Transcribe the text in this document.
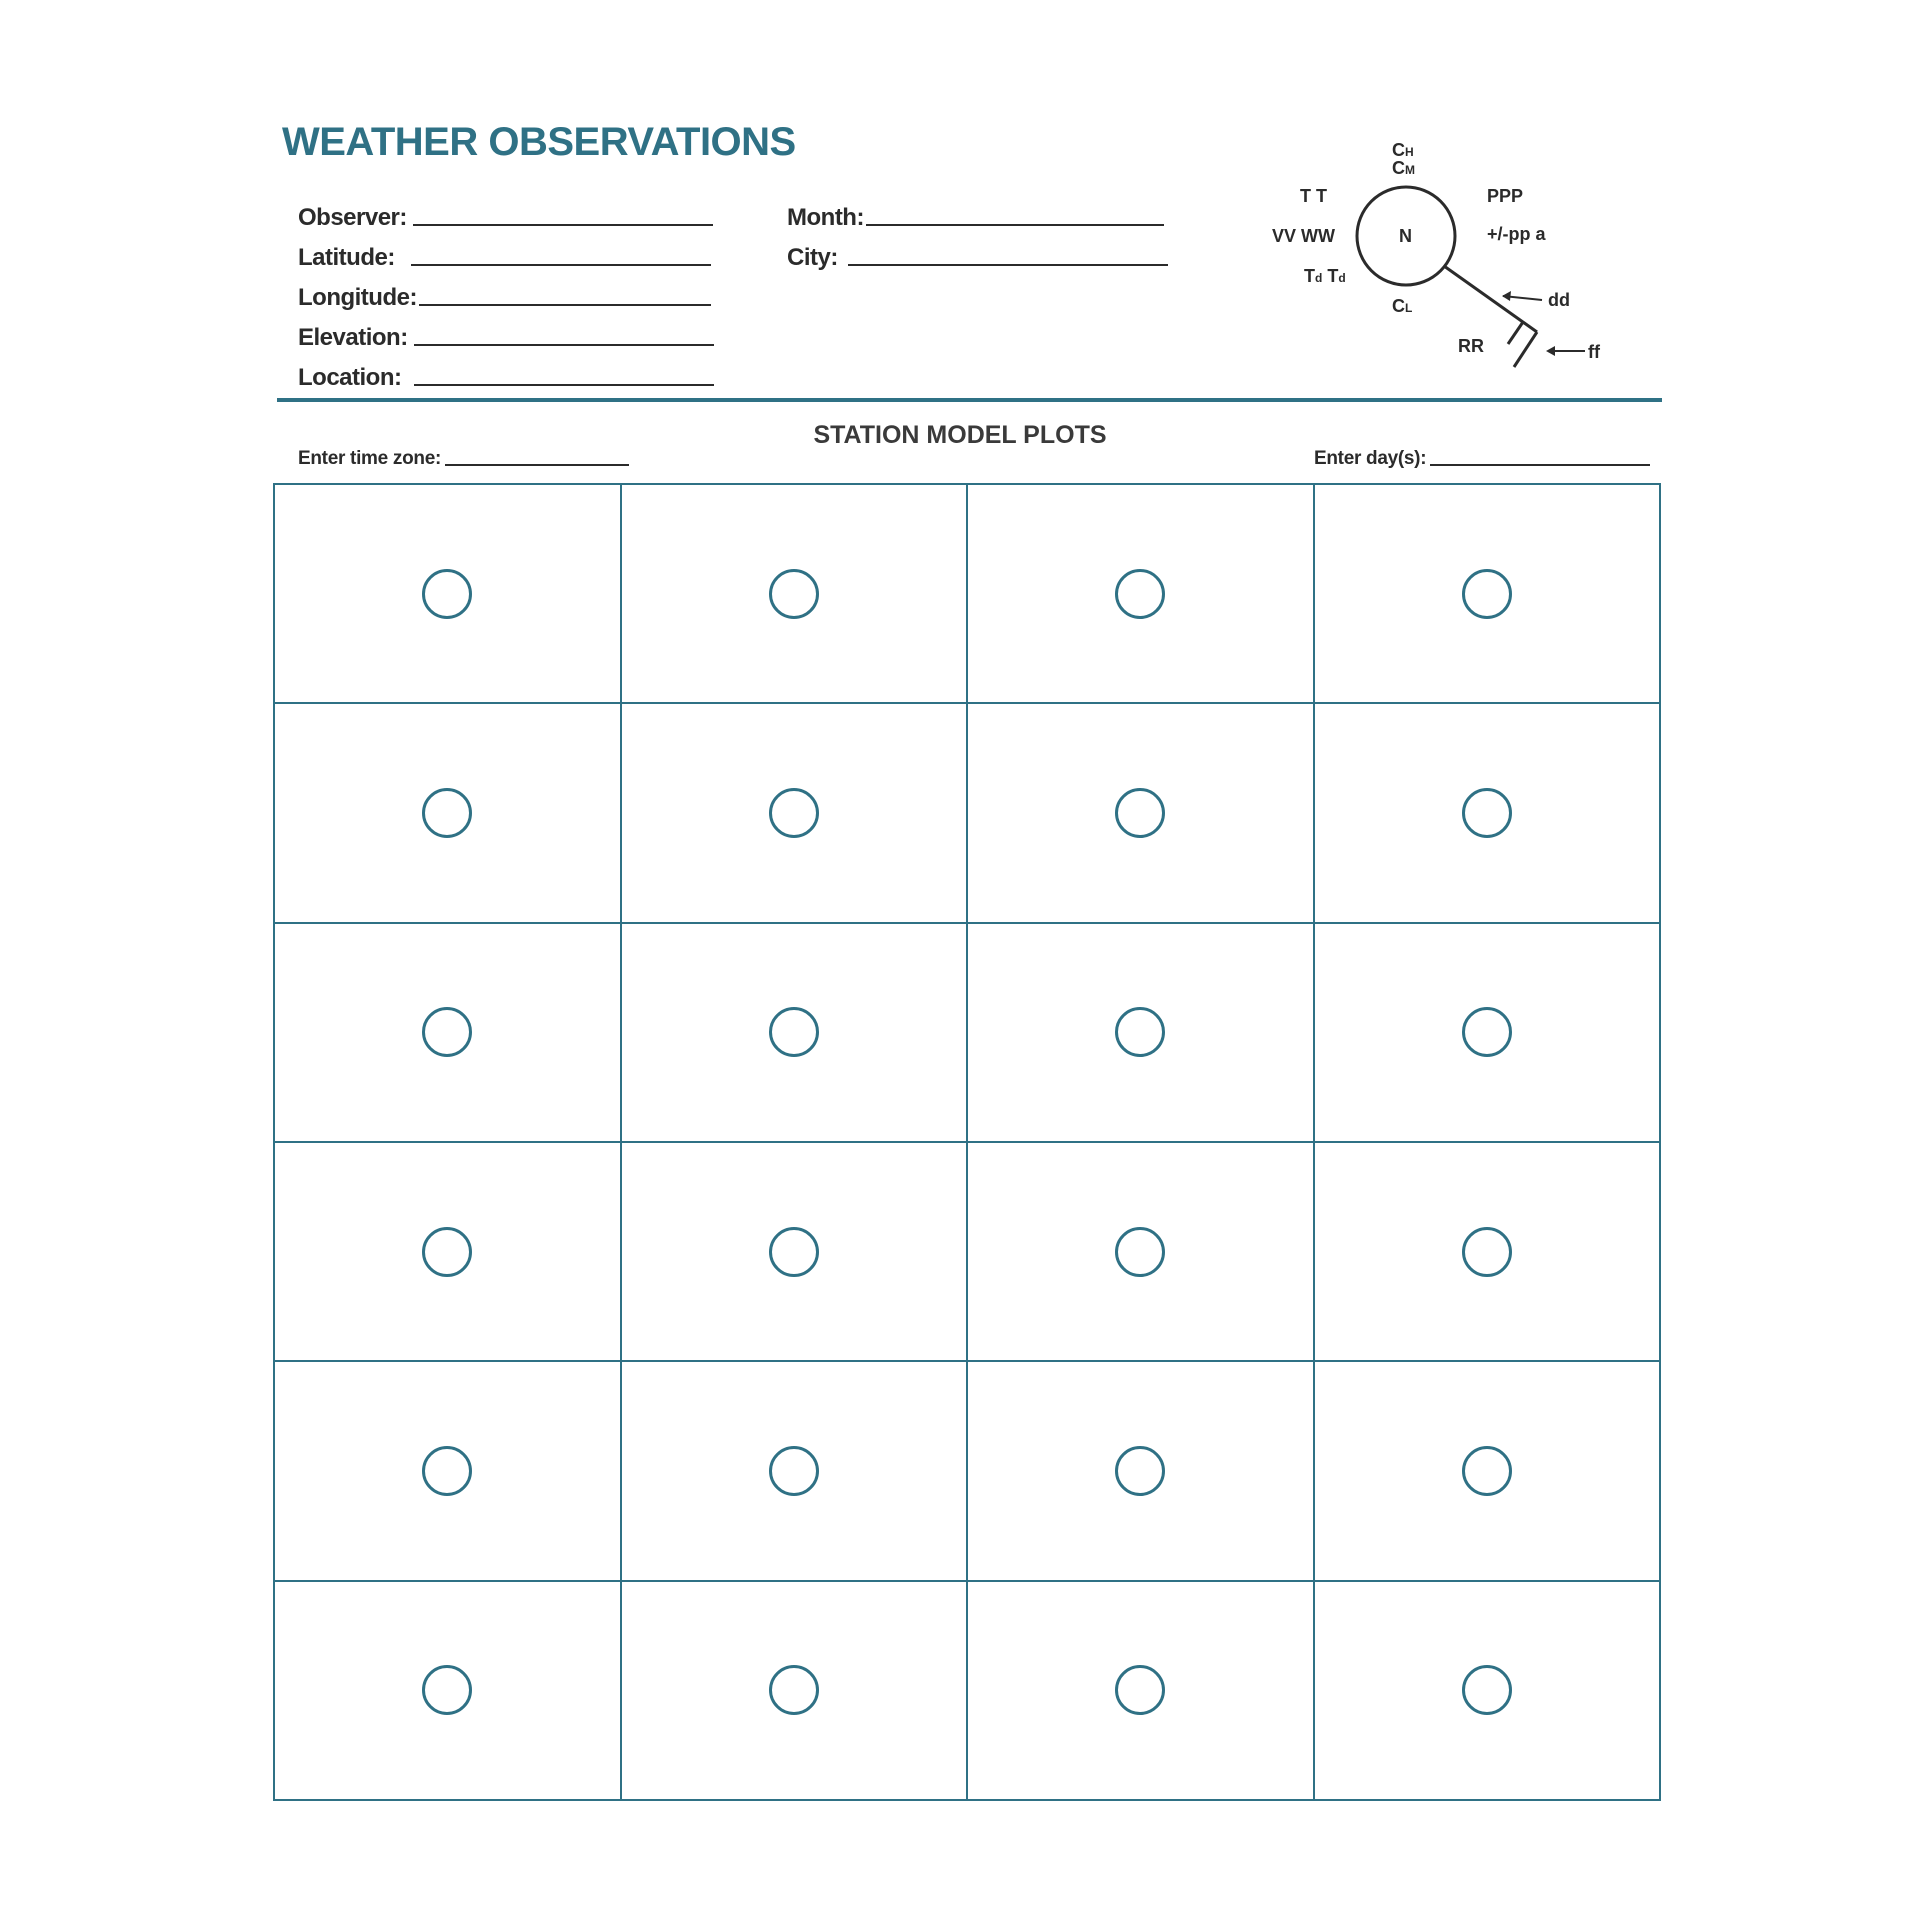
WEATHER OBSERVATIONS
Observer:
Latitude:
Longitude:
Elevation:
Location:
Month:
City:
CH
CM
T T	PPP
VV WW	N	+/-pp a
Td Td
CL	dd
RR	ff
STATION MODEL PLOTS
Enter time zone:	Enter day(s):
